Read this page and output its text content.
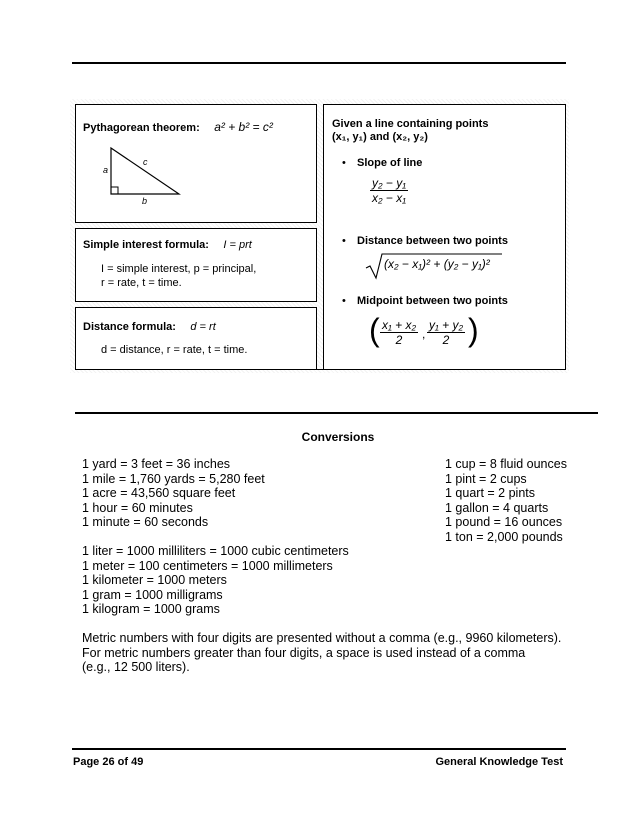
Pythagorean theorem: a² + b² = c²
a
c
b
Simple interest formula: I = prt
I = simple interest, p = principal,
r = rate, t = time.
Distance formula: d = rt
d = distance, r = rate, t = time.
Given a line containing points
(x₁, y₁) and (x₂, y₂)
• Slope of line
$\frac{\text{y₂ − y₁}}{\text{x₂ − x₁}}$
• Distance between two points
(x₂ − x₁)² + (y₂ − y₁)²
• Midpoint between two points
( $\frac{\text{x₁ + x₂}}{2}$ , $\frac{\text{y₁ + y₂}}{2}$ )
Conversions
1 yard = 3 feet = 36 inches
1 mile = 1,760 yards = 5,280 feet
1 acre = 43,560 square feet
1 hour = 60 minutes
1 minute = 60 seconds
1 cup = 8 fluid ounces
1 pint = 2 cups
1 quart = 2 pints
1 gallon = 4 quarts
1 pound = 16 ounces
1 ton = 2,000 pounds
1 liter = 1000 milliliters = 1000 cubic centimeters
1 meter = 100 centimeters = 1000 millimeters
1 kilometer = 1000 meters
1 gram = 1000 milligrams
1 kilogram = 1000 grams
Metric numbers with four digits are presented without a comma (e.g., 9960 kilometers).
For metric numbers greater than four digits, a space is used instead of a comma
(e.g., 12 500 liters).
Page 26 of 49	General Knowledge Test
